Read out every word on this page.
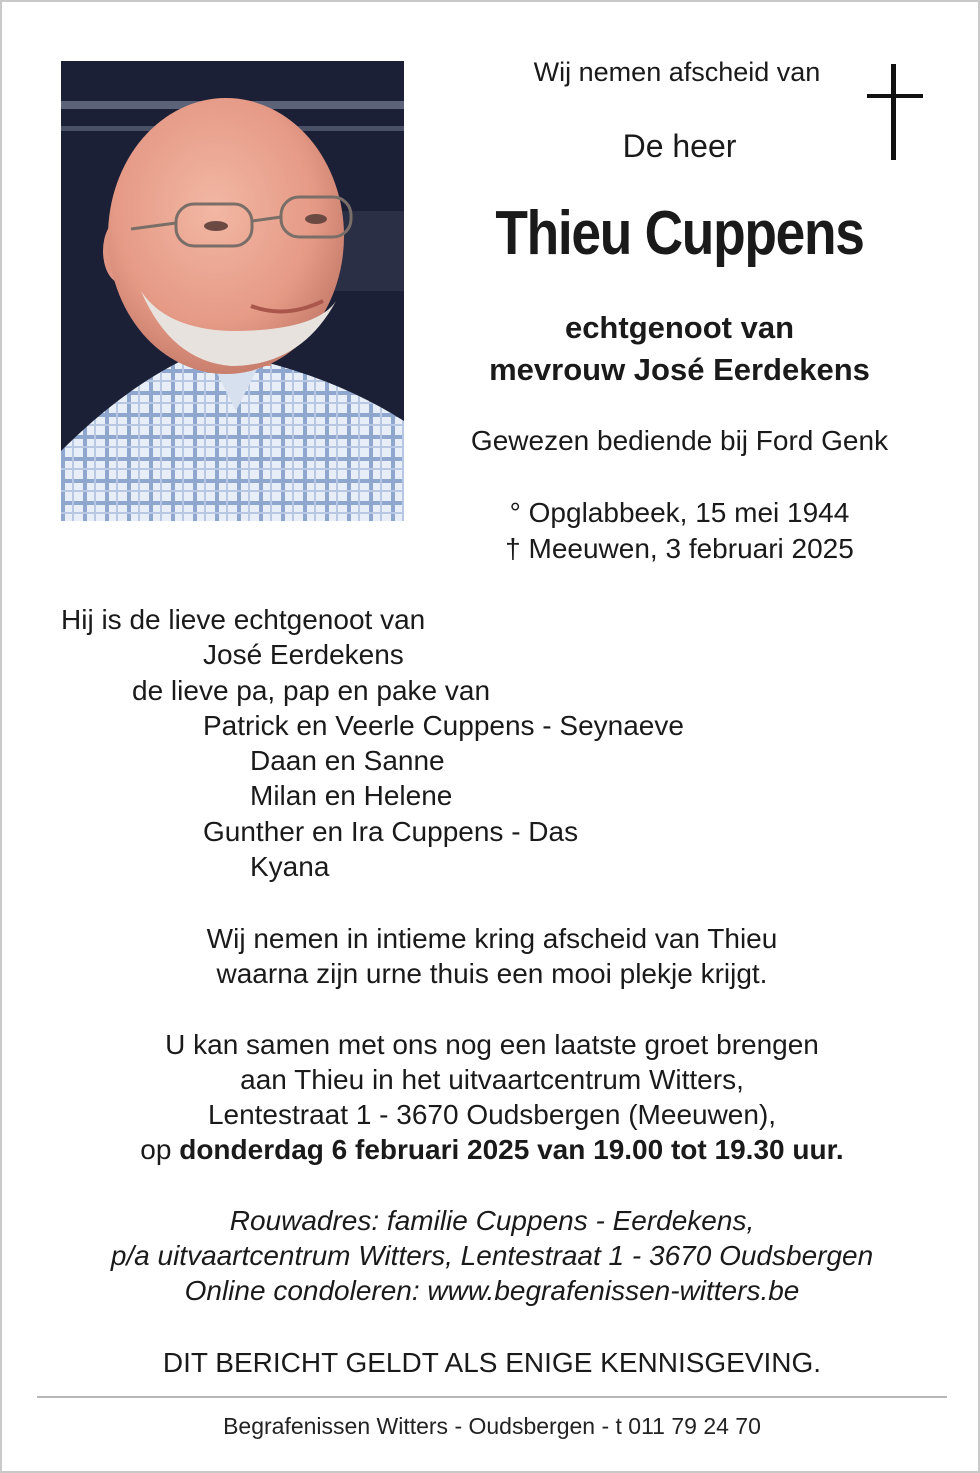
Wij nemen afscheid van
De heer
Thieu Cuppens
echtgenoot van
mevrouw José Eerdekens
Gewezen bediende bij Ford Genk
° Opglabbeek, 15 mei 1944
† Meeuwen, 3 februari 2025
Hij is de lieve echtgenoot van
José Eerdekens
de lieve pa, pap en pake van
Patrick en Veerle Cuppens - Seynaeve
Daan en Sanne
Milan en Helene
Gunther en Ira Cuppens - Das
Kyana
Wij nemen in intieme kring afscheid van Thieu
waarna zijn urne thuis een mooi plekje krijgt.
U kan samen met ons nog een laatste groet brengen
aan Thieu in het uitvaartcentrum Witters,
Lentestraat 1 - 3670 Oudsbergen (Meeuwen),
op donderdag 6 februari 2025 van 19.00 tot 19.30 uur.
Rouwadres: familie Cuppens - Eerdekens,
p/a uitvaartcentrum Witters, Lentestraat 1 - 3670 Oudsbergen
Online condoleren: www.begrafenissen-witters.be
DIT BERICHT GELDT ALS ENIGE KENNISGEVING.
Begrafenissen Witters - Oudsbergen - t 011 79 24 70
